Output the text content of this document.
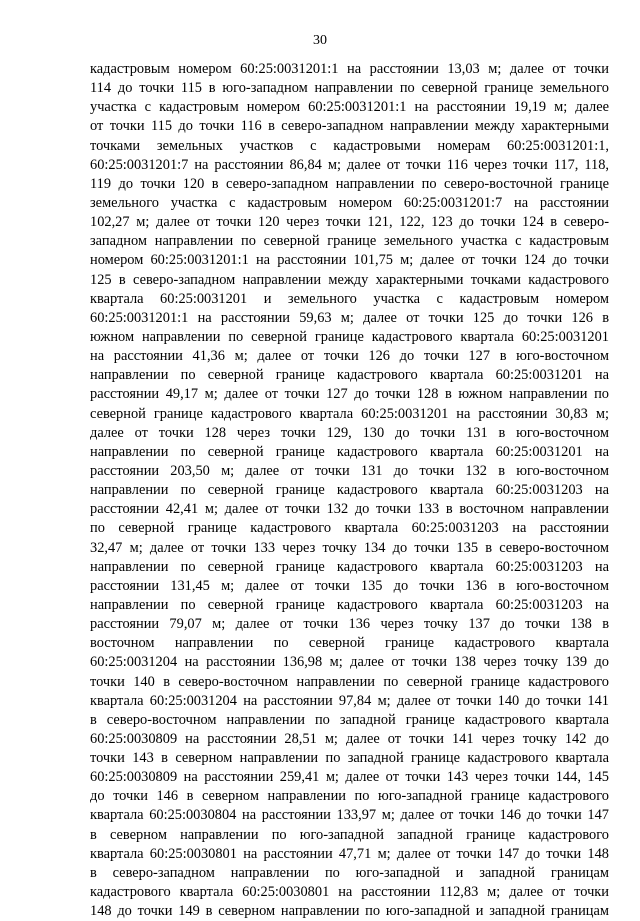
30
кадастровым номером 60:25:0031201:1 на расстоянии 13,03 м; далее от точки
114 до точки 115 в юго-западном направлении по северной границе земельного
участка с кадастровым номером 60:25:0031201:1 на расстоянии 19,19 м; далее
от точки 115 до точки 116 в северо-западном направлении между характерными
точками земельных участков с кадастровыми номерам 60:25:0031201:1,
60:25:0031201:7 на расстоянии 86,84 м; далее от точки 116 через точки 117, 118,
119 до точки 120 в северо-западном направлении по северо-восточной границе
земельного участка с кадастровым номером 60:25:0031201:7 на расстоянии
102,27 м; далее от точки 120 через точки 121, 122, 123 до точки 124 в северо-
западном направлении по северной границе земельного участка с кадастровым
номером 60:25:0031201:1 на расстоянии 101,75 м; далее от точки 124 до точки
125 в северо-западном направлении между характерными точками кадастрового
квартала 60:25:0031201 и земельного участка с кадастровым номером
60:25:0031201:1 на расстоянии 59,63 м; далее от точки 125 до точки 126 в
южном направлении по северной границе кадастрового квартала 60:25:0031201
на расстоянии 41,36 м; далее от точки 126 до точки 127 в юго-восточном
направлении по северной границе кадастрового квартала 60:25:0031201 на
расстоянии 49,17 м; далее от точки 127 до точки 128 в южном направлении по
северной границе кадастрового квартала 60:25:0031201 на расстоянии 30,83 м;
далее от точки 128 через точки 129, 130 до точки 131 в юго-восточном
направлении по северной границе кадастрового квартала 60:25:0031201 на
расстоянии 203,50 м; далее от точки 131 до точки 132 в юго-восточном
направлении по северной границе кадастрового квартала 60:25:0031203 на
расстоянии 42,41 м; далее от точки 132 до точки 133 в восточном направлении
по северной границе кадастрового квартала 60:25:0031203 на расстоянии
32,47 м; далее от точки 133 через точку 134 до точки 135 в северо-восточном
направлении по северной границе кадастрового квартала 60:25:0031203 на
расстоянии 131,45 м; далее от точки 135 до точки 136 в юго-восточном
направлении по северной границе кадастрового квартала 60:25:0031203 на
расстоянии 79,07 м; далее от точки 136 через точку 137 до точки 138 в
восточном направлении по северной границе кадастрового квартала
60:25:0031204 на расстоянии 136,98 м; далее от точки 138 через точку 139 до
точки 140 в северо-восточном направлении по северной границе кадастрового
квартала 60:25:0031204 на расстоянии 97,84 м; далее от точки 140 до точки 141
в северо-восточном направлении по западной границе кадастрового квартала
60:25:0030809 на расстоянии 28,51 м; далее от точки 141 через точку 142 до
точки 143 в северном направлении по западной границе кадастрового квартала
60:25:0030809 на расстоянии 259,41 м; далее от точки 143 через точки 144, 145
до точки 146 в северном направлении по юго-западной границе кадастрового
квартала 60:25:0030804 на расстоянии 133,97 м; далее от точки 146 до точки 147
в северном направлении по юго-западной западной границе кадастрового
квартала 60:25:0030801 на расстоянии 47,71 м; далее от точки 147 до точки 148
в северо-западном направлении по юго-западной и западной границам
кадастрового квартала 60:25:0030801 на расстоянии 112,83 м; далее от точки
148 до точки 149 в северном направлении по юго-западной и западной границам
